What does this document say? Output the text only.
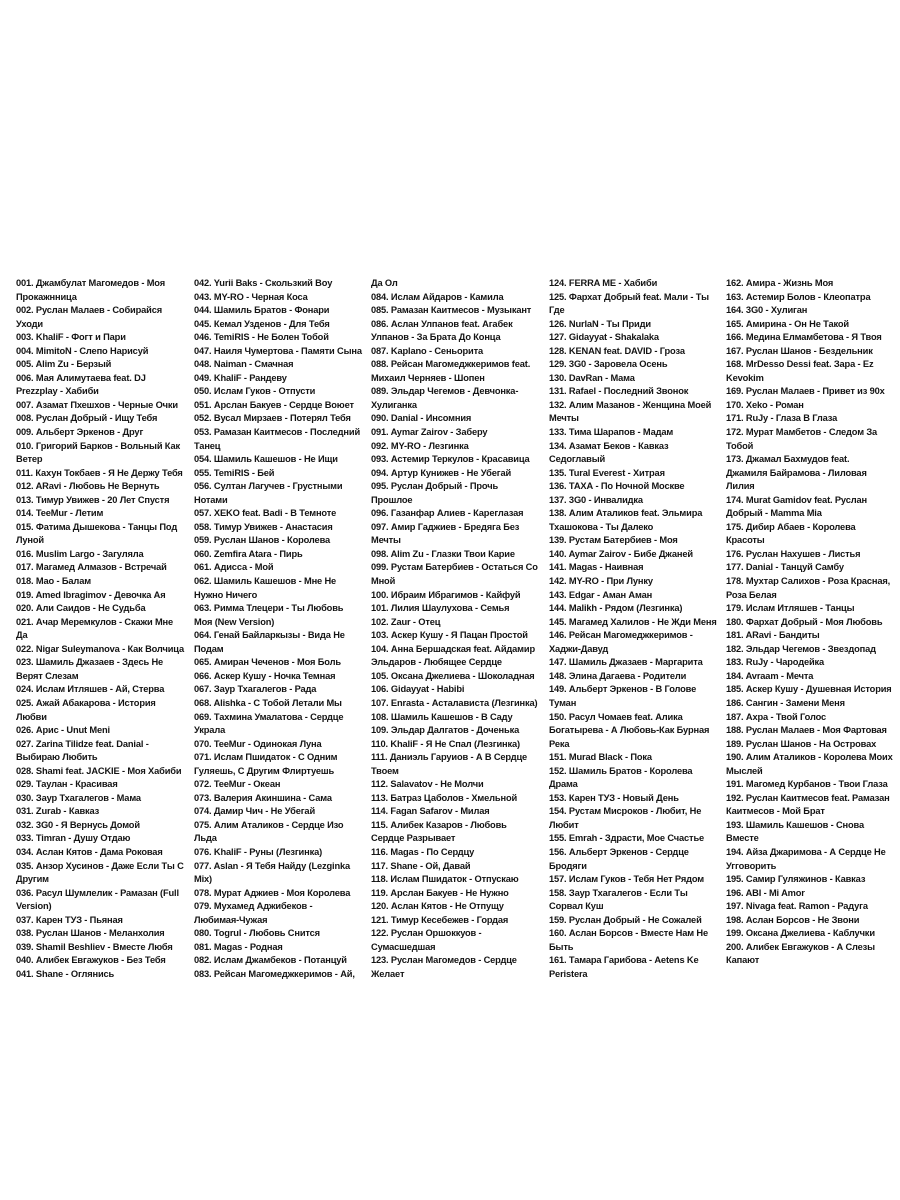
001. Джамбулат Магомедов - Моя
Прокажнница
002. Руслан Малаев - Собирайся
Уходи
003. KhaliF - Фогт и Пари
004. MimitoN - Слепо Нарисуй
005. Alim Zu - Берзый
006. Мая Алимутаева feat. DJ
Prezzplay - Хабиби
007. Азамат Пхешхов - Черные Очки
008. Руслан Добрый - Ищу Тебя
009. Альберт Эркенов - Друг
010. Григорий Барков - Вольный Как
Ветер
011. Кахун Токбаев - Я Не Держу Тебя
012. ARavi - Любовь Не Вернуть
013. Тимур Увижев - 20 Лет Спустя
014. TeeMur - Летим
015. Фатима Дышекова - Танцы Под
Луной
016. Muslim Largo - Загуляла
017. Магамед Алмазов - Встречай
018. Mao - Балам
019. Amed Ibragimov - Девочка Ая
020. Али Саидов - Не Судьба
021. Ачар Меремкулов - Скажи Мне
Да
022. Nigar Suleymanova - Как Волчица
023. Шамиль Джазаев - Здесь Не
Верят Слезам
024. Ислам Итляшев - Ай, Стерва
025. Ажай Абакарова - История
Любви
026. Арис - Unut Meni
027. Zarina Tilidze feat. Danial -
Выбираю Любить
028. Shami feat. JACKIE - Моя Хабиби
029. Таулан - Красивая
030. Заур Тхагалегов - Мама
031. Zurab - Кавказ
032. 3G0 - Я Вернусь Домой
033. Timran - Душу Отдаю
034. Аслан Кятов - Дама Роковая
035. Анзор Хусинов - Даже Если Ты С
Другим
036. Расул Шумлелик - Рамазан (Full
Version)
037. Карен ТУЗ - Пьяная
038. Руслан Шанов - Меланхолия
039. Shamil Beshliev - Вместе Любя
040. Алибек Евгажуков - Без Тебя
041. Shane - Оглянись
042. Yurii Baks - Скользкий Boy
043. MY-RO - Черная Коса
044. Шамиль Братов - Фонари
045. Кемал Узденов - Для Тебя
046. TemiRIS - Не Болен Тобой
047. Наиля Чумертова - Памяти Сына
048. Naiman - Смачная
049. KhaliF - Рандеву
050. Ислам Гуков - Отпусти
051. Арслан Бакуев - Сердце Воюет
052. Вусал Мирзаев - Потерял Тебя
053. Рамазан Каитмесов - Последний
Танец
054. Шамиль Кашешов - Не Ищи
055. TemiRIS - Бей
056. Султан Лагучев - Грустными
Нотами
057. XEKO feat. Badi - В Темноте
058. Тимур Увижев - Анастасия
059. Руслан Шанов - Королева
060. Zemfira Atara - Пирь
061. Адисса - Мой
062. Шамиль Кашешов - Мне Не
Нужно Ничего
063. Римма Тлецери - Ты Любовь
Моя (New Version)
064. Генай Байларкызы - Вида Не
Подам
065. Амиран Чеченов - Моя Боль
066. Аскер Кушу - Ночка Темная
067. Заур Тхагалегов - Рада
068. Alishka - С Тобой Летали Мы
069. Тахмина Умалатова - Сердце
Украла
070. TeeMur - Одинокая Луна
071. Ислам Пшидаток - С Одним
Гуляешь, С Другим Флиртуешь
072. TeeMur - Океан
073. Валерия Акиншина - Сама
074. Дамир Чич - Не Убегай
075. Алим Аталиков - Сердце Изо
Льда
076. KhaliF - Руны (Лезгинка)
077. Aslan - Я Тебя Найду (Lezginka
Mix)
078. Мурат Аджиев - Моя Королева
079. Мухамед Аджибеков -
Любимая-Чужая
080. Togrul - Любовь Снится
081. Magas - Родная
082. Ислам Джамбеков - Потанцуй
083. Рейсан Магомеджкеримов - Ай,
Да Ол
084. Ислам Айдаров - Камила
085. Рамазан Каитмесов - Музыкант
086. Аслан Улпанов feat. Агабек
Улпанов - За Брата До Конца
087. Kaplano - Сеньорита
088. Рейсан Магомеджкеримов feat.
Михаил Черняев - Шопен
089. Эльдар Чегемов - Девчонка-
Хулиганка
090. Danial - Инсомния
091. Aymar Zairov - Заберу
092. MY-RO - Лезгинка
093. Астемир Теркулов - Красавица
094. Артур Кунижев - Не Убегай
095. Руслан Добрый - Прочь
Прошлое
096. Газанфар Алиев - Кареглазая
097. Амир Гаджиев - Бредяга Без
Мечты
098. Alim Zu - Глазки Твои Карие
099. Рустам Батербиев - Остаться Со
Мной
100. Ибраим Ибрагимов - Кайфуй
101. Лилия Шаулухова - Семья
102. Zaur - Отец
103. Аскер Кушу - Я Пацан Простой
104. Анна Бершадская feat. Айдамир
Эльдаров - Любящее Сердце
105. Оксана Джелиева - Шоколадная
106. Gidayyat - Habibi
107. Enrasta - Асталависта (Лезгинка)
108. Шамиль Кашешов - В Саду
109. Эльдар Далгатов - Доченька
110. KhaliF - Я Не Спал (Лезгинка)
111. Даниэль Гаруиов - А В Сердце
Твоем
112. Salavatov - Не Молчи
113. Батраз Цаболов - Хмельной
114. Fagan Safarov - Милая
115. Алибек Казаров - Любовь
Сердце Разрывает
116. Magas - По Сердцу
117. Shane - Ой, Давай
118. Ислам Пшидаток - Отпускаю
119. Арслан Бакуев - Не Нужно
120. Аслан Кятов - Не Отпущу
121. Тимур Кесебежев - Гордая
122. Руслан Оршоккуов -
Сумасшедшая
123. Руслан Магомедов - Сердце
Желает
124. FERRA ME - Хабиби
125. Фархат Добрый feat. Мали - Ты
Где
126. NurlaN - Ты Приди
127. Gidayyat - Shakalaka
128. KENAN feat. DAVID - Гроза
129. 3G0 - Заровела Осень
130. DavRan - Мама
131. Rafael - Последний Звонок
132. Алим Мазанов - Женщина Моей
Мечты
133. Тима Шарапов - Мадам
134. Азамат Беков - Кавказ
Седоглавый
135. Tural Everest - Хитрая
136. ТАХА - По Ночной Москве
137. 3G0 - Инвалидка
138. Алим Аталиков feat. Эльмира
Тхашокова - Ты Далеко
139. Рустам Батербиев - Моя
140. Aymar Zairov - Бибе Джаней
141. Magas - Наивная
142. MY-RO - При Лунку
143. Edgar - Аман Аман
144. Malikh - Рядом (Лезгинка)
145. Магамед Халилов - Не Жди Меня
146. Рейсан Магомеджкеримов -
Хаджи-Давуд
147. Шамиль Джазаев - Маргарита
148. Элина Дагаева - Родители
149. Альберт Эркенов - В Голове
Туман
150. Расул Чомаев feat. Алика
Богатырева - А Любовь-Как Бурная
Река
151. Murad Black - Пока
152. Шамиль Братов - Королева
Драма
153. Карен ТУЗ - Новый День
154. Рустам Мисроков - Любит, Не
Любит
155. Emrah - Здрасти, Мое Счастье
156. Альберт Эркенов - Сердце
Бродяги
157. Ислам Гуков - Тебя Нет Рядом
158. Заур Тхагалегов - Если Ты
Сорвал Куш
159. Руслан Добрый - Не Сожалей
160. Аслан Борсов - Вместе Нам Не
Быть
161. Тамара Гарибова - Aetens Ke
Peristera
162. Амира - Жизнь Моя
163. Астемир Болов - Клеопатра
164. 3G0 - Хулиган
165. Амирина - Он Не Такой
166. Медина Елмамбетова - Я Твоя
167. Руслан Шанов - Бездельник
168. MrDesso Dessi feat. Зара - Ez
Kevokim
169. Руслан Малаев - Привет из 90х
170. Xeko - Роман
171. RuJy - Глаза В Глаза
172. Мурат Мамбетов - Следом За
Тобой
173. Джамал Бахмудов feat.
Джамиля Байрамова - Лиловая
Лилия
174. Murat Gamidov feat. Руслан
Добрый - Mamma Mia
175. Дибир Абаев - Королева
Красоты
176. Руслан Нахушев - Листья
177. Danial - Танцуй Самбу
178. Мухтар Салихов - Роза Красная,
Роза Белая
179. Ислам Итляшев - Танцы
180. Фархат Добрый - Моя Любовь
181. ARavi - Бандиты
182. Эльдар Чегемов - Звездопад
183. RuJy - Чародейка
184. Avraam - Мечта
185. Аскер Кушу - Душевная История
186. Сангин - Замени Меня
187. Ахра - Твой Голос
188. Руслан Малаев - Моя Фартовая
189. Руслан Шанов - На Островах
190. Алим Аталиков - Королева Моих
Мыслей
191. Магомед Курбанов - Твои Глаза
192. Руслан Каитмесов feat. Рамазан
Каитмесов - Мой Брат
193. Шамиль Кашешов - Снова
Вместе
194. Айза Джаримова - А Сердце Не
Угговорить
195. Самир Гуляжинов - Кавказ
196. ABI - Mi Amor
197. Nivaga feat. Ramon - Радуга
198. Аслан Борсов - Не Звони
199. Оксана Джелиева - Каблучки
200. Алибек Евгажуков - А Слезы
Капают
